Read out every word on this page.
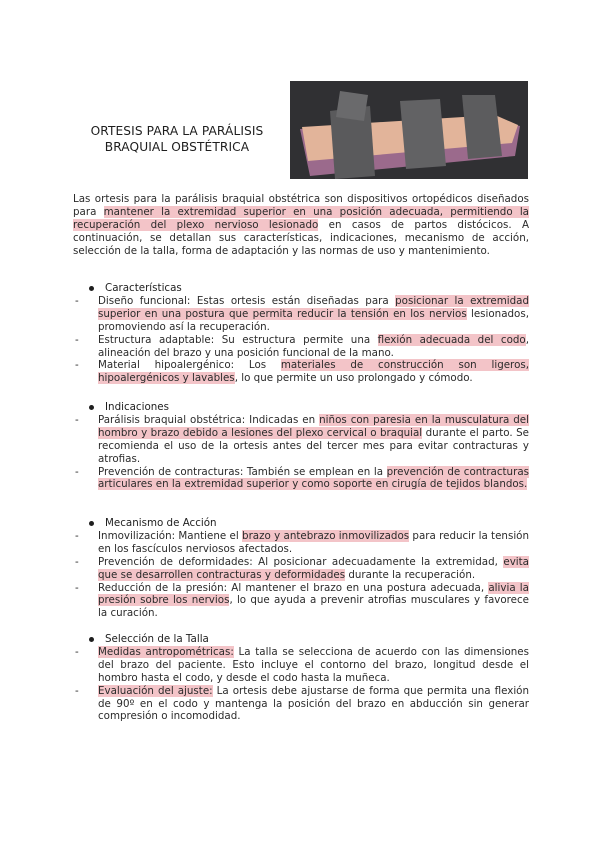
ORTESIS PARA LA PARÁLISIS
BRAQUIAL OBSTÉTRICA
Las ortesis para la parálisis braquial obstétrica son dispositivos ortopédicos diseñados para mantener la extremidad superior en una posición adecuada, permitiendo la recuperación del plexo nervioso lesionado en casos de partos distócicos. A continuación, se detallan sus características, indicaciones, mecanismo de acción, selección de la talla, forma de adaptación y las normas de uso y mantenimiento.
Características
- Diseño funcional: Estas ortesis están diseñadas para posicionar la extremidad superior en una postura que permita reducir la tensión en los nervios lesionados, promoviendo así la recuperación.
- Estructura adaptable: Su estructura permite una flexión adecuada del codo, alineación del brazo y una posición funcional de la mano.
- Material hipoalergénico: Los materiales de construcción son ligeros, hipoalergénicos y lavables, lo que permite un uso prolongado y cómodo.
Indicaciones
- Parálisis braquial obstétrica: Indicadas en niños con paresia en la musculatura del hombro y brazo debido a lesiones del plexo cervical o braquial durante el parto. Se recomienda el uso de la ortesis antes del tercer mes para evitar contracturas y atrofias.
- Prevención de contracturas: También se emplean en la prevención de contracturas articulares en la extremidad superior y como soporte en cirugía de tejidos blandos.
Mecanismo de Acción
- Inmovilización: Mantiene el brazo y antebrazo inmovilizados para reducir la tensión en los fascículos nerviosos afectados.
- Prevención de deformidades: Al posicionar adecuadamente la extremidad, evita que se desarrollen contracturas y deformidades durante la recuperación.
- Reducción de la presión: Al mantener el brazo en una postura adecuada, alivia la presión sobre los nervios, lo que ayuda a prevenir atrofias musculares y favorece la curación.
Selección de la Talla
- Medidas antropométricas: La talla se selecciona de acuerdo con las dimensiones del brazo del paciente. Esto incluye el contorno del brazo, longitud desde el hombro hasta el codo, y desde el codo hasta la muñeca.
- Evaluación del ajuste: La ortesis debe ajustarse de forma que permita una flexión de 90º en el codo y mantenga la posición del brazo en abducción sin generar compresión o incomodidad.
